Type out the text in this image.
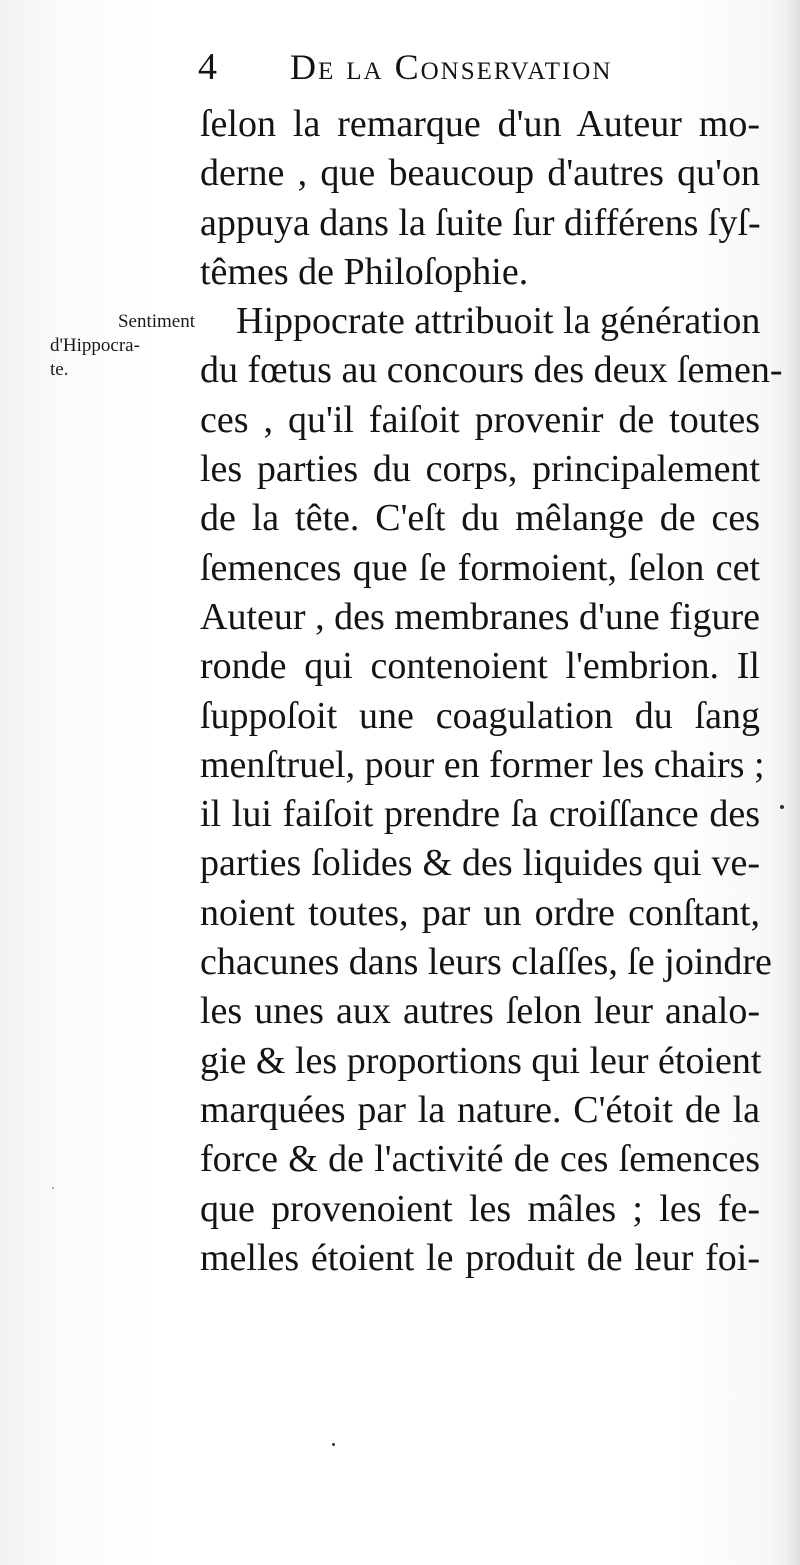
4 De la Conservation
Sentiment
d'Hippocra-
te.
ſelon la remarque d'un Auteur mo-
derne , que beaucoup d'autres qu'on
appuya dans la ſuite ſur différens ſyſ-
têmes de Philoſophie.
Hippocrate attribuoit la génération
du fœtus au concours des deux ſemen-
ces , qu'il faiſoit provenir de toutes
les parties du corps, principalement
de la tête. C'eſt du mêlange de ces
ſemences que ſe formoient, ſelon cet
Auteur , des membranes d'une figure
ronde qui contenoient l'embrion. Il
ſuppoſoit une coagulation du ſang
menſtruel, pour en former les chairs ;
il lui faiſoit prendre ſa croiſſance des
parties ſolides & des liquides qui ve-
noient toutes, par un ordre conſtant,
chacunes dans leurs claſſes, ſe joindre
les unes aux autres ſelon leur analo-
gie & les proportions qui leur étoient
marquées par la nature. C'étoit de la
force & de l'activité de ces ſemences
que provenoient les mâles ; les fe-
melles étoient le produit de leur foi-
